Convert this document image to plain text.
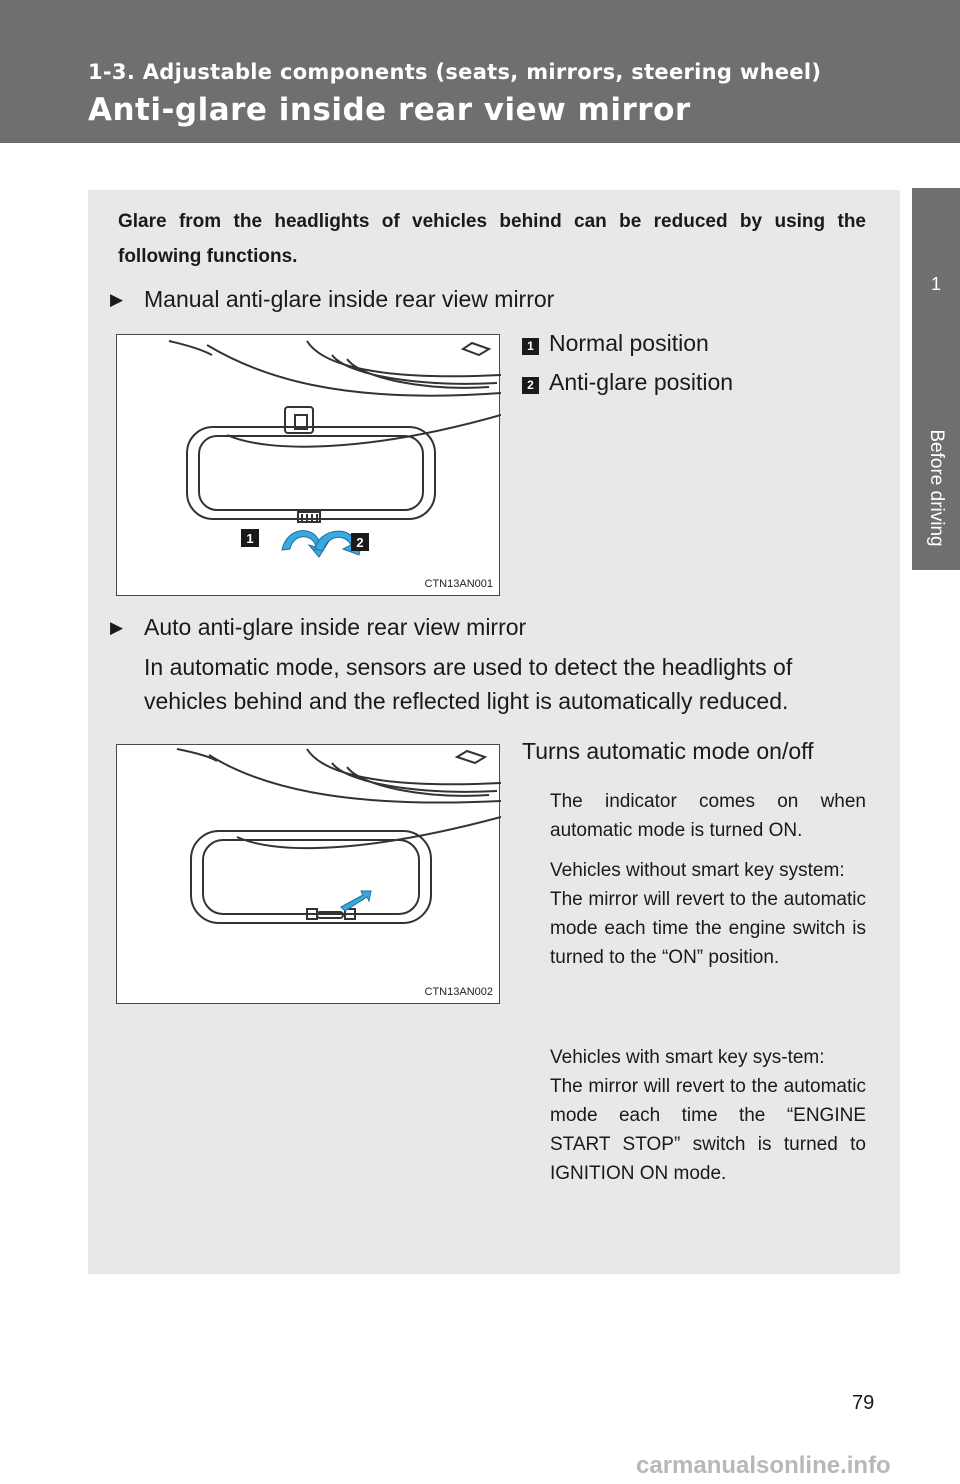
1-3. Adjustable components (seats, mirrors, steering wheel)
Anti-glare inside rear view mirror
1
Before driving
Glare from the headlights of vehicles behind can be reduced by using the following functions.
▶ Manual anti-glare inside rear view mirror
1	2
CTN13AN001
1 Normal position
2 Anti-glare position
▶ Auto anti-glare inside rear view mirror
In automatic mode, sensors are used to detect the headlights of vehicles behind and the reflected light is automatically reduced.
CTN13AN002
Turns automatic mode on/off
The indicator comes on when automatic mode is turned ON.
Vehicles without smart key system:
The mirror will revert to the automatic mode each time the engine switch is turned to the “ON” position.
Vehicles with smart key sys-tem:
The mirror will revert to the automatic mode each time the “ENGINE START STOP” switch is turned to IGNITION ON mode.
79
carmanualsonline.info
